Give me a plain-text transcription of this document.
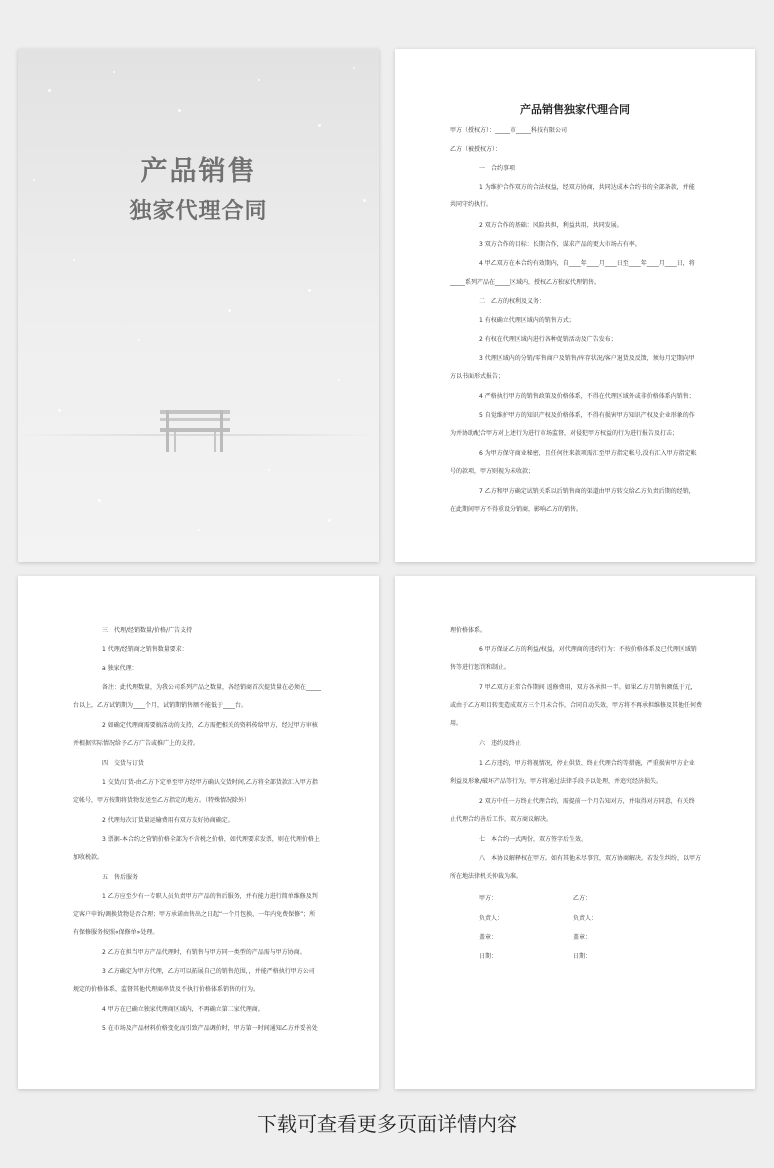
产品销售
独家代理合同
产品销售独家代理合同
甲方（授权方）：_____市_____科技有限公司
乙方（被授权方）：
一　合约事项
1 为维护合作双方的合法权益，经双方协商，共同达成本合约书的全部条款，并能
共同守约执行。
2 双方合作的基础：风险共担，利益共用，共同发展。
3 双方合作的目标：长期合作，谋求产品的更大市场占有率。
4 甲乙双方在本合约有效期内，自____年____月____日至____年____月____日，将
_____系列产品在_____区域内，授权乙方独家代理销售。
二　乙方的权利及义务：
1 有权确立代理区域内的销售方式；
2 有权在代理区域内进行各种促销活动及广告发布；
3 代理区域内的分销/零售商户及销售/库存状况/客户退货及反馈，须每月定期向甲
方以书面形式报告；
4 严格执行甲方的销售政策及价格体系，不得在代理区域外或非价格体系内销售；
5 自觉维护甲方的知识产权及价格体系，不得有损害甲方知识产权及企业形象的作
为并协助配合甲方对上述行为进行市场监督，对侵犯甲方权益的行为进行报告及打击；
6 为甲方保守商业秘密，且任何往来款项需汇至甲方指定帐号,没有汇入甲方指定帐
号的款项，甲方则视为未收款；
7 乙方和甲方确定试销关系以后销售商的渠道由甲方转交给乙方负责后期的经销，
在此期间甲方不得重设分销商，影响乙方的销售。
三　代理/经销数量/价格/广告支持
1 代理/经销商之销售数量要求：
a 独家代理：
备注：此代理数量，为我公司系列产品之数量，各经销商首次提货量在必须在_____
台以上，乙方试销期为____个月，试销期销售额不能低于____台。
2 如确定代理商需要搞活动的支持，乙方需把相关的资料传给甲方，经过甲方审核
并根据实际情况给予乙方广告或推广上的支持。
四　交货与订货
1 交货/订货-由乙方下定单至甲方经甲方确认交货时间,乙方将全部货款汇入甲方指
定帐号，甲方按期将货物发送至乙方指定的地方。（特殊情况除外）
2 代理每次订货量运输费用有双方友好协商确定。
3 票据-本合约之营销价格全部为不含税之价格，如代理要求发票，则在代理价格上
加收税款。
五　售后服务
1 乙方应至少有一专职人员负责甲方产品的售后服务，并有能力进行简单维修及判
定客户申诉/调换货物是否合理；甲方承诺由售出之日起“一个月包换，一年内免费保修”；所
有保修服务按照«保修单»处理。
2 乙方在担当甲方产品代理时，有销售与甲方同一类型的产品需与甲方协商。
3 乙方确定为甲方代理，乙方可以拓展自己的销售范围，，并能严格执行甲方公司
规定的价格体系，监督其他代理商串货及不执行价格体系销售的行为。
4 甲方在已确立独家代理商区域内，不再确立第二家代理商。
5 在市场及产品材料价格变化而引致产品调价时，甲方第一时间通知乙方并妥善处
理价格体系。
6 甲方保证乙方的利益/权益，对代理商的违约行为：不按价格体系及已代理区域销
售等进行惩罚和制止。
7 甲乙双方正常合作期间 返修费用，双方各承担一半。如果乙方月销售额低于元，
或由于乙方项目转变造成双方三个月未合作，合同自动失效，甲方将不再承担维修及其他任何费
用。
六　违约及终止
1 乙方违约，甲方将视情况，停止供货、终止代理合约等措施，严重损害甲方企业
利益及形象/破坏产品等行为，甲方将通过法律手段予以处理，并追究经济损失。
2 双方中任一方终止代理合约，需提前一个月告知对方，并取得对方同意，有关终
止代理合约善后工作，双方商议解决。
七　本合约一式两份，双方签字后生效。
八　本协议解释权在甲方。如有其他未尽事宜，双方协商解决。若发生纠纷，以甲方
所在地法律机关仲裁为准。
甲方：	乙方：
负责人：	负责人：
盖章：	盖章：
日期：	日期：
下载可查看更多页面详情内容
